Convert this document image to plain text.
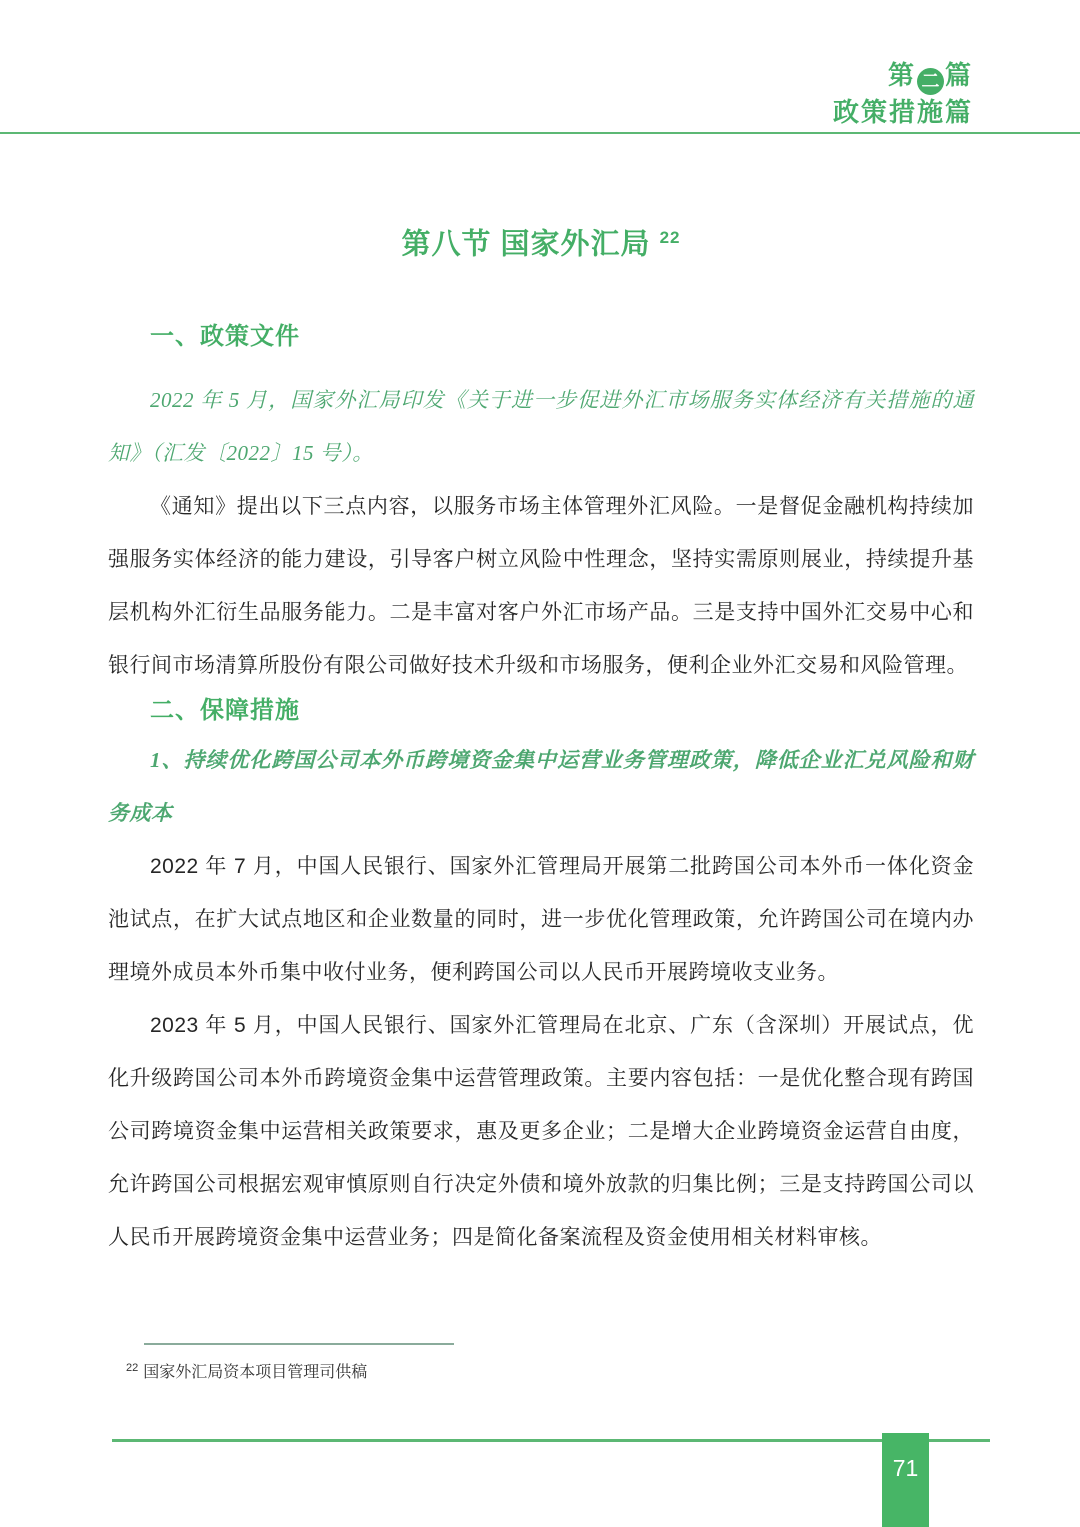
第 二 篇
政策措施篇
第八节 国家外汇局 $^{22}$
一、政策文件

2022 年 5 月，国家外汇局印发《关于进一步促进外汇市场服务实体经济有关措施的通知》（汇发〔2022〕15 号）。

《通知》提出以下三点内容，以服务市场主体管理外汇风险。一是督促金融机构持续加强服务实体经济的能力建设，引导客户树立风险中性理念，坚持实需原则展业，持续提升基层机构外汇衍生品服务能力。二是丰富对客户外汇市场产品。三是支持中国外汇交易中心和银行间市场清算所股份有限公司做好技术升级和市场服务，便利企业外汇交易和风险管理。

二、保障措施

1、持续优化跨国公司本外币跨境资金集中运营业务管理政策，降低企业汇兑风险和财务成本

2022 年 7 月，中国人民银行、国家外汇管理局开展第二批跨国公司本外币一体化资金池试点，在扩大试点地区和企业数量的同时，进一步优化管理政策，允许跨国公司在境内办理境外成员本外币集中收付业务，便利跨国公司以人民币开展跨境收支业务。

2023 年 5 月，中国人民银行、国家外汇管理局在北京、广东（含深圳）开展试点，优化升级跨国公司本外币跨境资金集中运营管理政策。主要内容包括：一是优化整合现有跨国公司跨境资金集中运营相关政策要求，惠及更多企业；二是增大企业跨境资金运营自由度，允许跨国公司根据宏观审慎原则自行决定外债和境外放款的归集比例；三是支持跨国公司以人民币开展跨境资金集中运营业务；四是简化备案流程及资金使用相关材料审核。

$^{22}$ 国家外汇局资本项目管理司供稿
71
